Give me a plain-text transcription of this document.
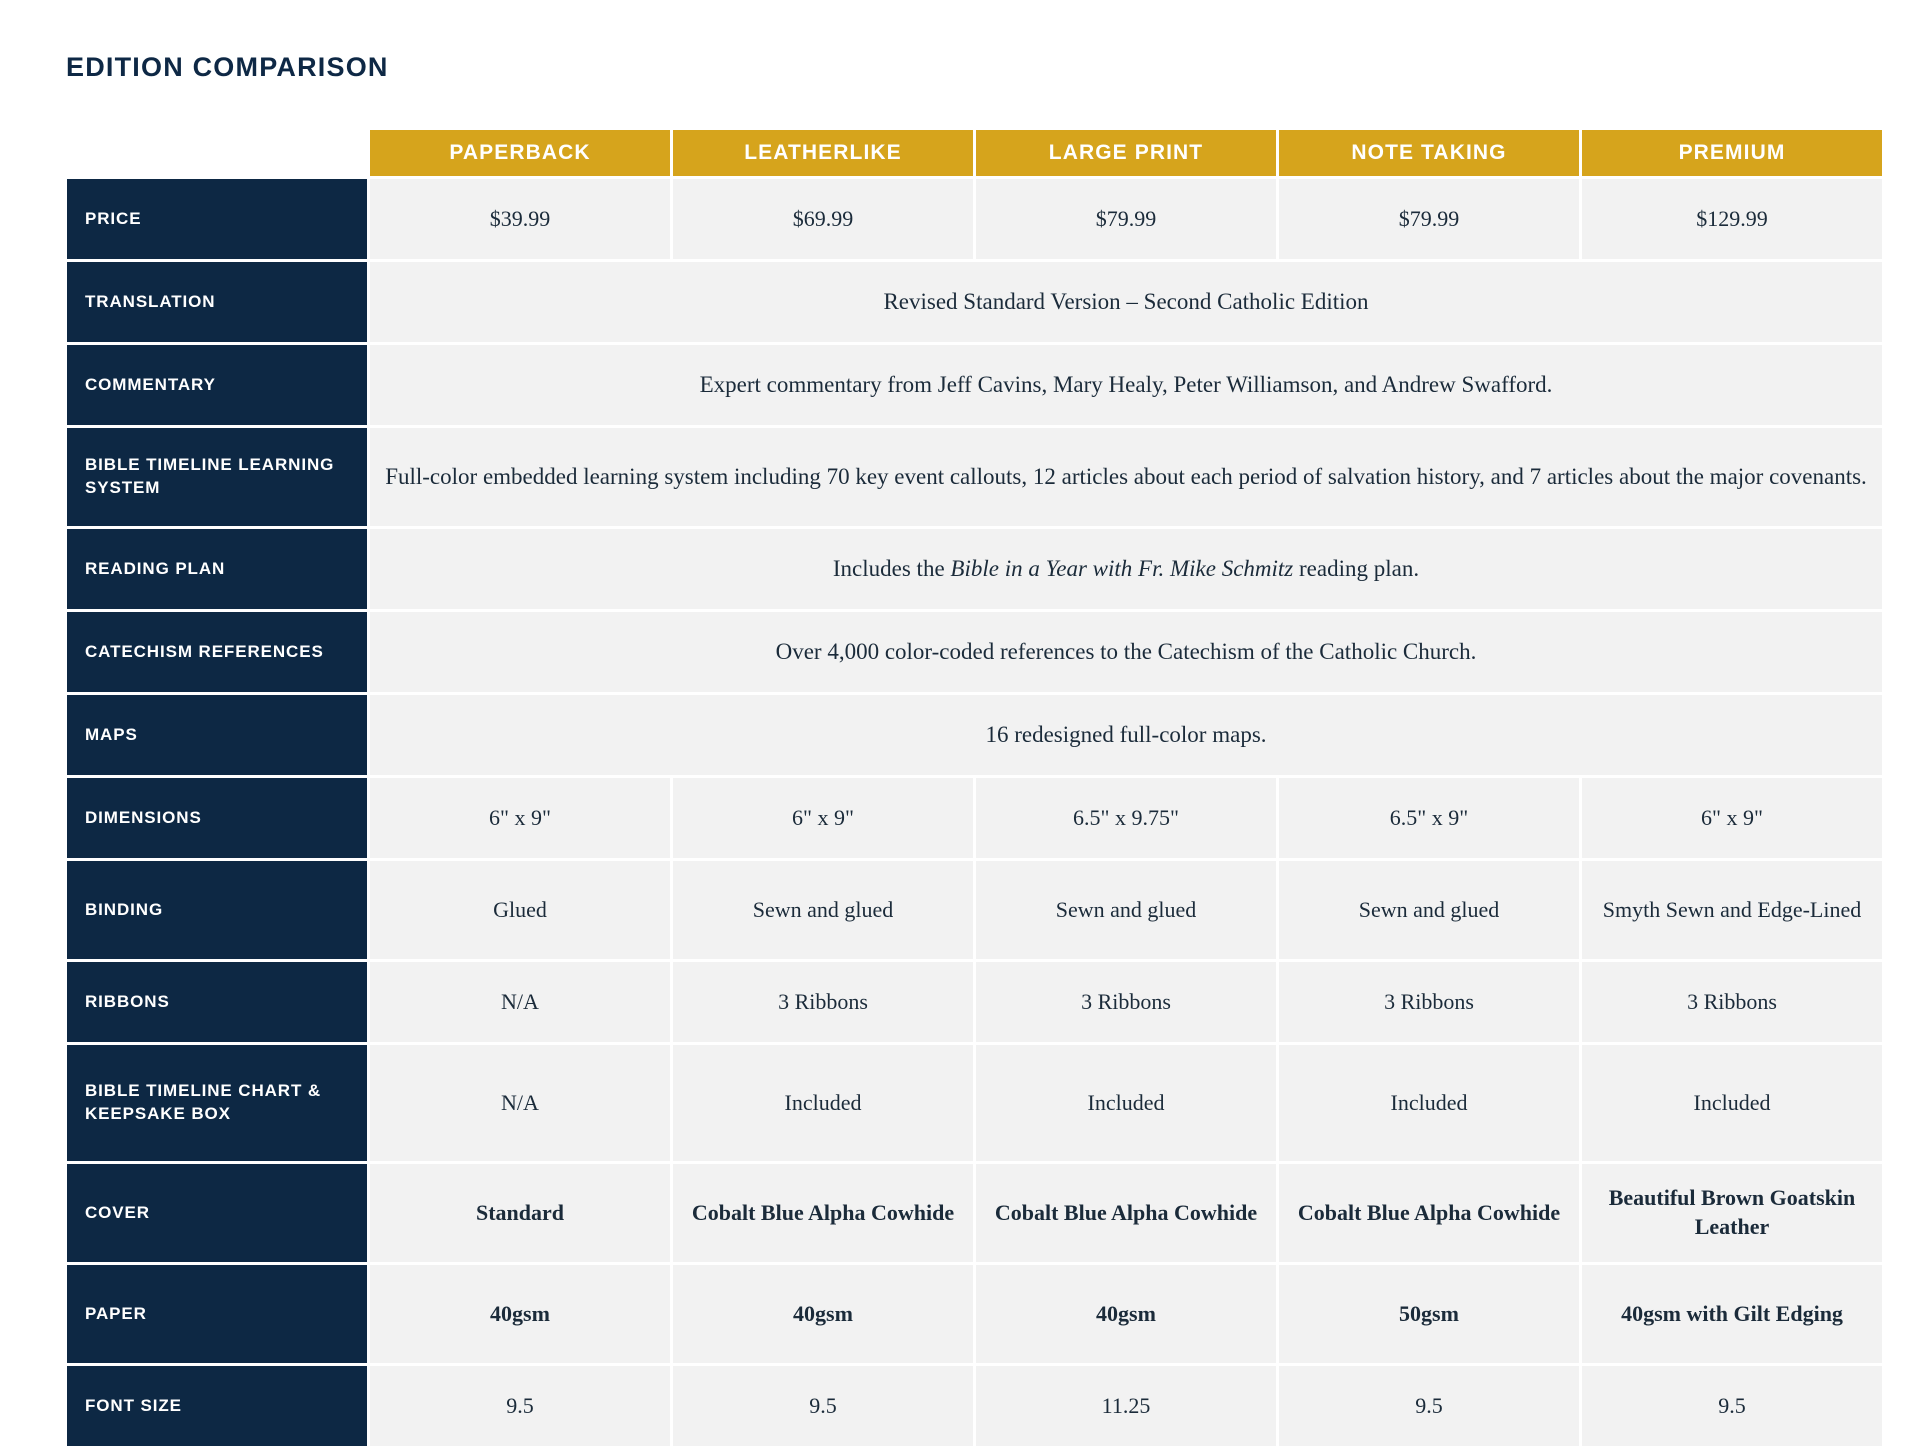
EDITION COMPARISON
	PAPERBACK	LEATHERLIKE	LARGE PRINT	NOTE TAKING	PREMIUM
PRICE	$39.99	$69.99	$79.99	$79.99	$129.99
TRANSLATION	Revised Standard Version – Second Catholic Edition				
COMMENTARY	Expert commentary from Jeff Cavins, Mary Healy, Peter Williamson, and Andrew Swafford.				
BIBLE TIMELINE LEARNING SYSTEM	Full-color embedded learning system including 70 key event callouts, 12 articles about each period of salvation history, and 7 articles about the major covenants.				
READING PLAN	Includes the Bible in a Year with Fr. Mike Schmitz reading plan.				
CATECHISM REFERENCES	Over 4,000 color-coded references to the Catechism of the Catholic Church.				
MAPS	16 redesigned full-color maps.				
DIMENSIONS	6" x 9"	6" x 9"	6.5" x 9.75"	6.5" x 9"	6" x 9"
BINDING	Glued	Sewn and glued	Sewn and glued	Sewn and glued	Smyth Sewn and Edge-Lined
RIBBONS	N/A	3 Ribbons	3 Ribbons	3 Ribbons	3 Ribbons
BIBLE TIMELINE CHART & KEEPSAKE BOX	N/A	Included	Included	Included	Included
COVER	Standard	Cobalt Blue Alpha Cowhide	Cobalt Blue Alpha Cowhide	Cobalt Blue Alpha Cowhide	Beautiful Brown Goatskin Leather
PAPER	40gsm	40gsm	40gsm	50gsm	40gsm with Gilt Edging
FONT SIZE	9.5	9.5	11.25	9.5	9.5
